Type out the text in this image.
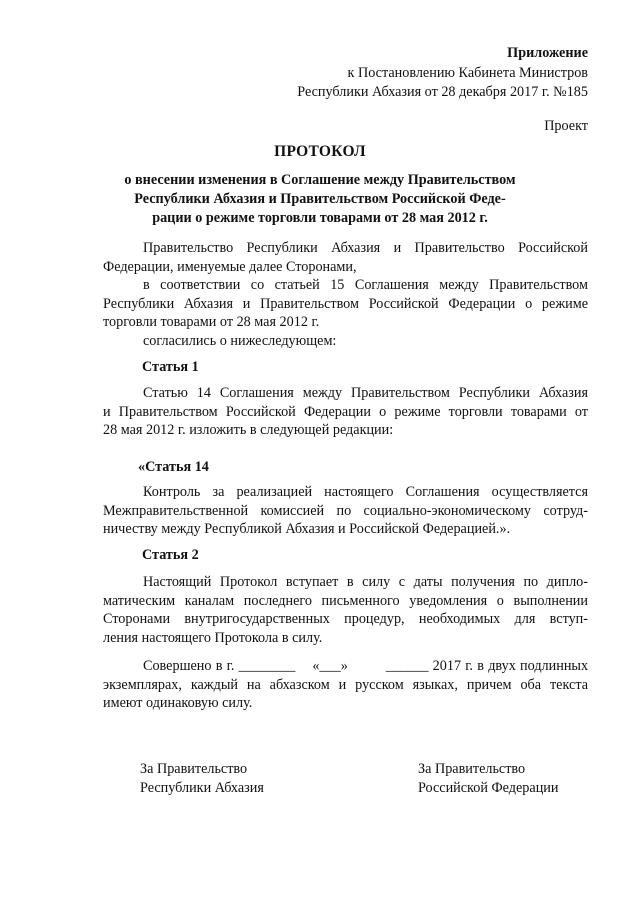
Приложение
к Постановлению Кабинета Министров
Республики Абхазия от 28 декабря 2017 г. №185
Проект
ПРОТОКОЛ
о внесении изменения в Соглашение между Правительством
Республики Абхазия и Правительством Российской Феде-
рации о режиме торговли товарами от 28 мая 2012 г.
Правительство Республики Абхазия и Правительство Российской
Федерации, именуемые далее Сторонами,
в соответствии со статьей 15 Соглашения между Правительством
Республики Абхазия и Правительством Российской Федерации о режиме
торговли товарами от 28 мая 2012 г.
согласились о нижеследующем:
Статья 1
Статью 14 Соглашения между Правительством Республики Абхазия
и Правительством Российской Федерации о режиме торговли товарами от
28 мая 2012 г. изложить в следующей редакции:
«Статья 14
Контроль за реализацией настоящего Соглашения осуществляется
Межправительственной комиссией по социально-экономическому сотруд-
ничеству между Республикой Абхазия и Российской Федерацией.».
Статья 2
Настоящий Протокол вступает в силу с даты получения по дипло-
матическим каналам последнего письменного уведомления о выполнении
Сторонами внутригосударственных процедур, необходимых для вступ-
ления настоящего Протокола в силу.
Совершено в г. ________ «___»	______ 2017 г. в двух подлинных
экземплярах, каждый на абхазском и русском языках, причем оба текста
имеют одинаковую силу.
За Правительство
Республики Абхазия
За Правительство
Российской Федерации
